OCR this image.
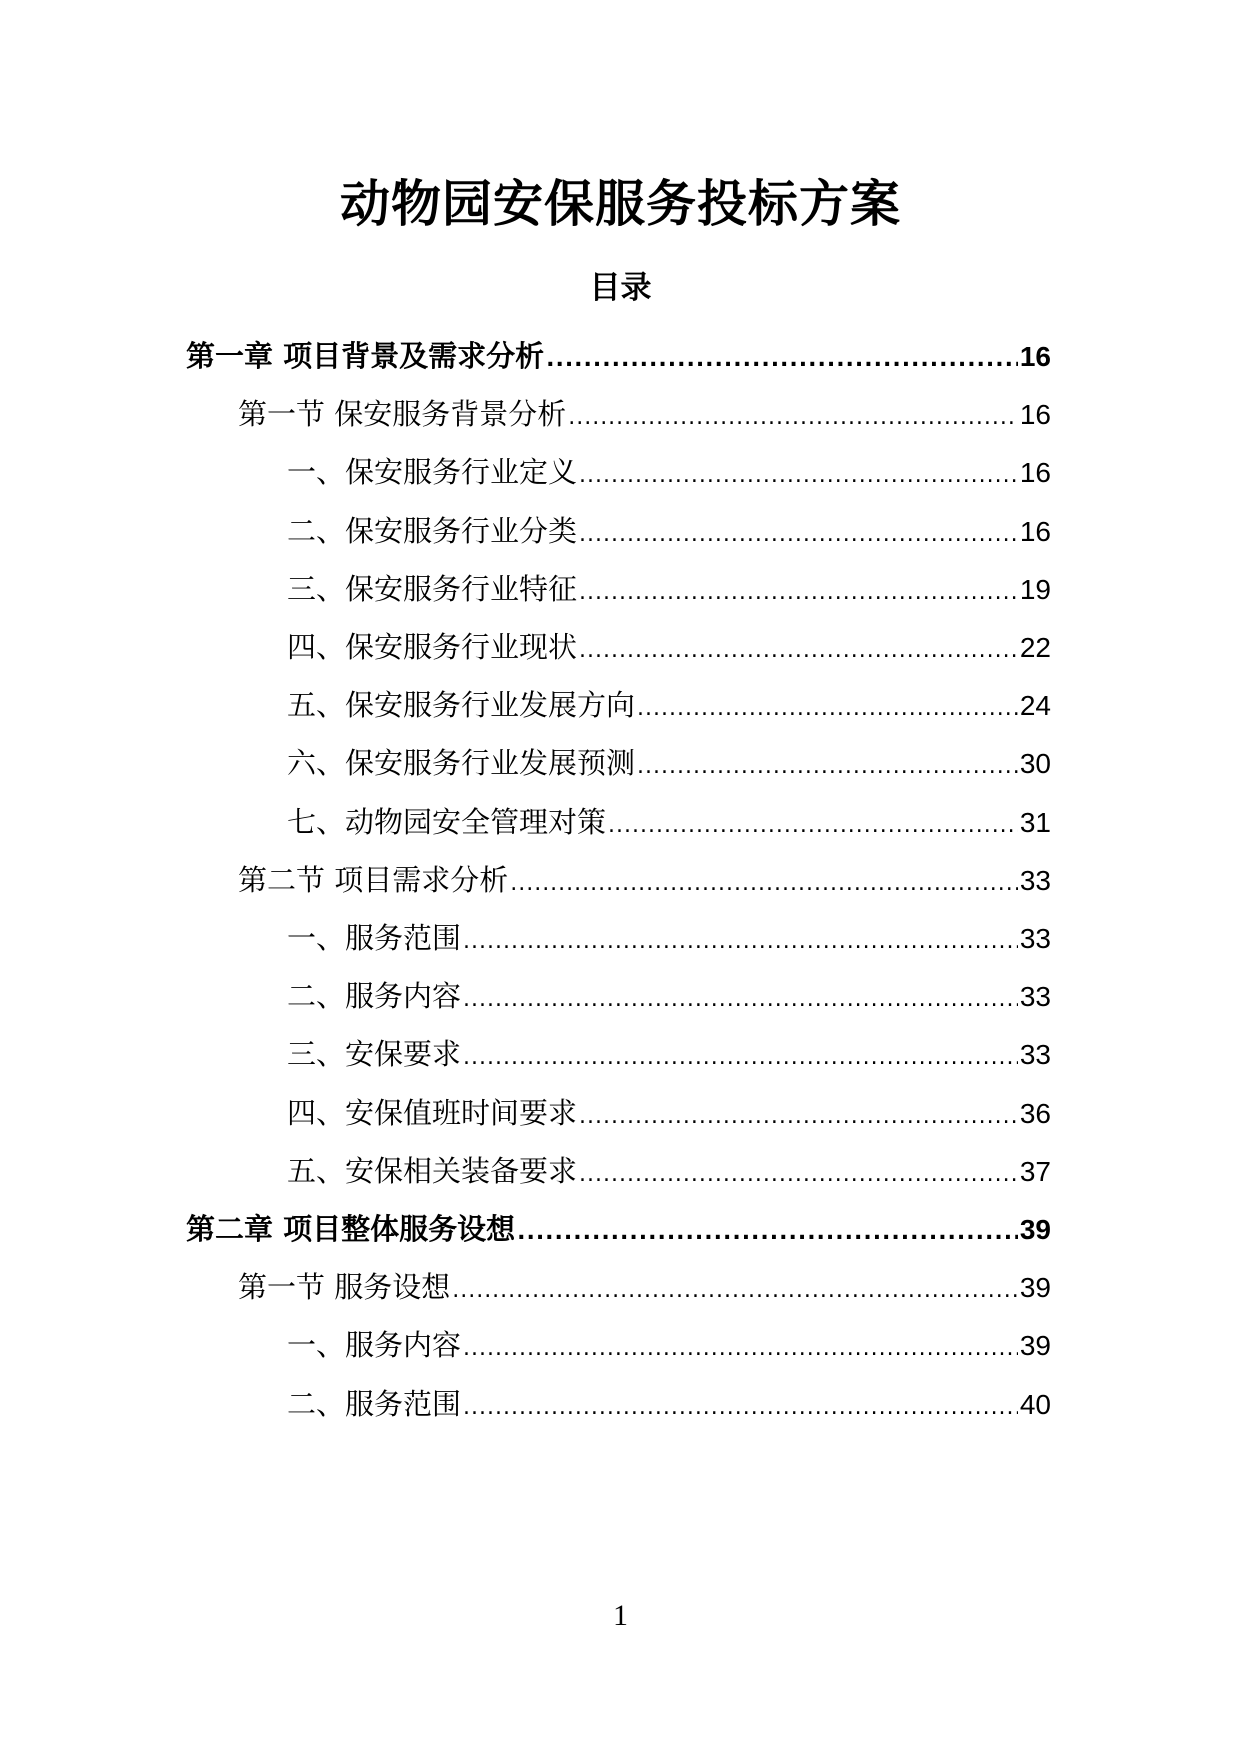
动物园安保服务投标方案
目录
第一章 项目背景及需求分析 .....	16
第一节 保安服务背景分析 .....	16
一、保安服务行业定义 .....	16
二、保安服务行业分类 .....	16
三、保安服务行业特征 .....	19
四、保安服务行业现状 .....	22
五、保安服务行业发展方向 .....	24
六、保安服务行业发展预测 .....	30
七、动物园安全管理对策 .....	31
第二节 项目需求分析 .....	33
一、服务范围 .....	33
二、服务内容 .....	33
三、安保要求 .....	33
四、安保值班时间要求 .....	36
五、安保相关装备要求 .....	37
第二章 项目整体服务设想 .....	39
第一节 服务设想 .....	39
一、服务内容 .....	39
二、服务范围 .....	40
1
